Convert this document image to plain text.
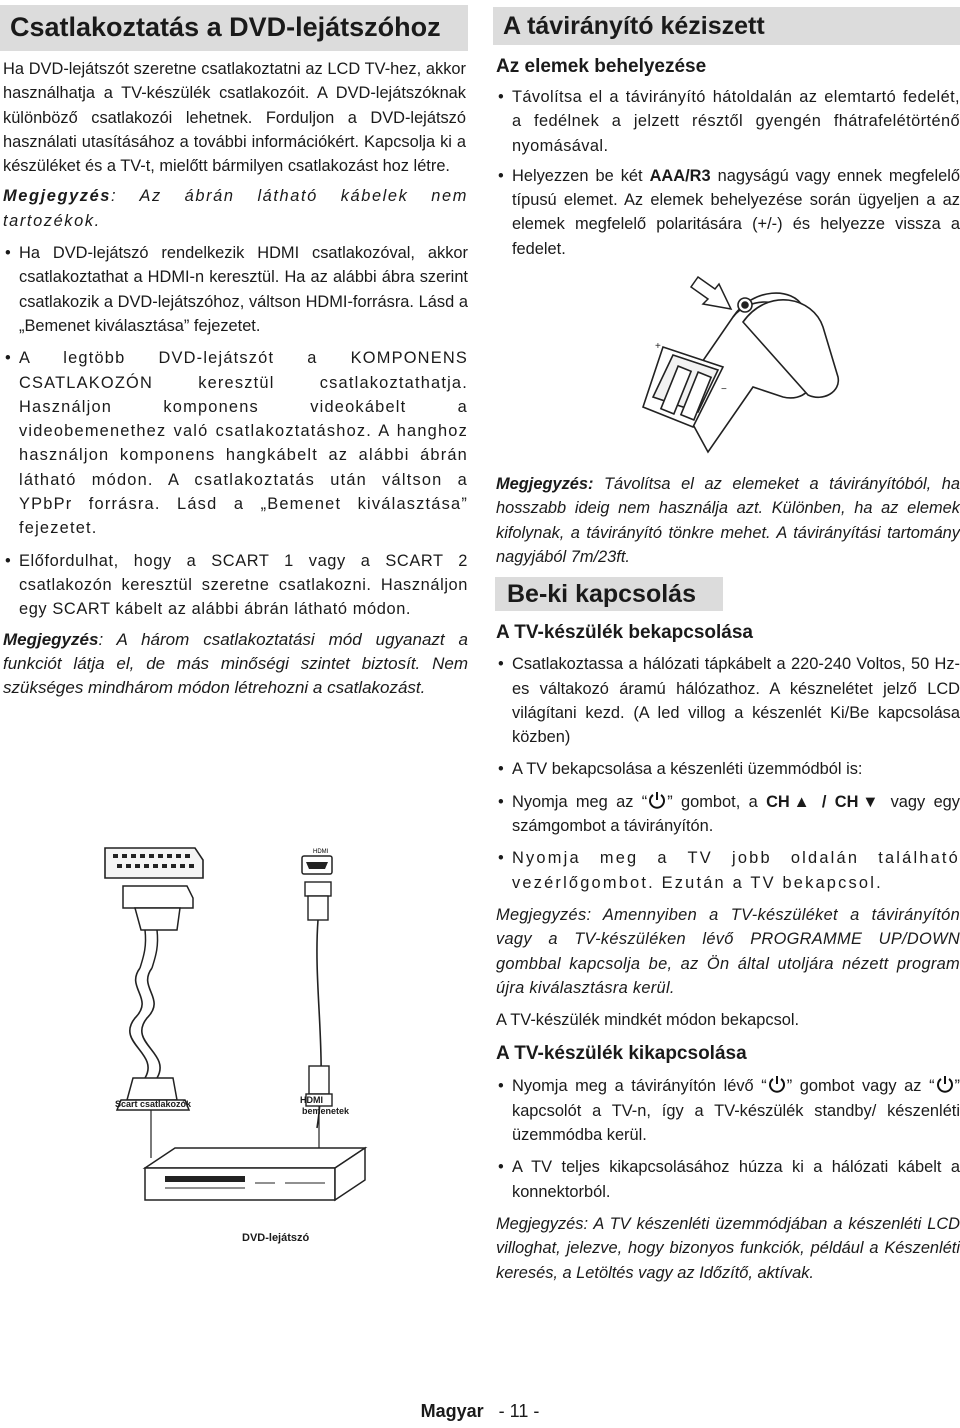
Csatlakoztatás a DVD-lejátszóhoz

Ha DVD-lejátszót szeretne csatlakoztatni az LCD TV-hez, akkor használhatja a TV-készülék csatlakozóit. A DVD-lejátszóknak különböző csatlakozói lehetnek. Forduljon a DVD-lejátszó használati utasításához a további információkért. Kapcsolja ki a készüléket és a TV-t, mielőtt bármilyen csatlakozást hoz létre.

Megjegyzés: Az ábrán látható kábelek nem tartozékok.

• Ha DVD-lejátszó rendelkezik HDMI csatlakozóval, akkor csatlakoztathat a HDMI-n keresztül. Ha az alábbi ábra szerint csatlakozik a DVD-lejátszóhoz, váltson HDMI-forrásra. Lásd a „Bemenet kiválasztása” fejezetet.
• A legtöbb DVD-lejátszót a KOMPONENS CSATLAKOZÓN keresztül csatlakoztathatja. Használjon komponens videokábelt a videobemenethez való csatlakoztatáshoz. A hanghoz használjon komponens hangkábelt az alábbi ábrán látható módon. A csatlakoztatás után váltson a YPbPr forrásra. Lásd a „Bemenet kiválasztása” fejezetet.
• Előfordulhat, hogy a SCART 1 vagy a SCART 2 csatlakozón keresztül szeretne csatlakozni. Használjon egy SCART kábelt az alábbi ábrán látható módon.

Megjegyzés: A három csatlakoztatási mód ugyanazt a funkciót látja el, de más minőségi szintet biztosít. Nem szükséges mindhárom módon létrehozni a csatlakozást.

HDMI
Scart csatlakozók	HDMI
bemenetek
DVD-lejátszó
A távirányító kéziszett
Az elemek behelyezése
• Távolítsa el a távirányító hátoldalán az elemtartó fedelét, a fedélnek a jelzett résztől gyengén fhátrafelétörténő nyomásával.
• Helyezzen be két AAA/R3 nagyságú vagy ennek megfelelő típusú elemet. Az elemek behelyezése során ügyeljen a az elemek megfelelő polaritására (+/-) és helyezze vissza a fedelet.
+
−

Megjegyzés: Távolítsa el az elemeket a távirányítóból, ha hosszabb ideig nem használja azt. Különben, ha az elemek kifolynak, a távirányító tönkre mehet. A távirányítási tartomány nagyjából 7m/23ft.

Be-ki kapcsolás
A TV-készülék bekapcsolása
• Csatlakoztassa a hálózati tápkábelt a 220-240 Voltos, 50 Hz-es váltakozó áramú hálózathoz. A késznelétet jelző LCD világítani kezd. (A led villog a készenlét Ki/Be kapcsolása közben)
• A TV bekapcsolása a készenléti üzemmódból is:
• Nyomja meg az “ ” gombot, a CH▲ / CH▼ vagy egy számgombot a távirányítón.
• Nyomja meg a TV jobb oldalán található vezérlőgombot. Ezután a TV bekapcsol.

Megjegyzés: Amennyiben a TV-készüléket a távirányítón vagy a TV-készüléken lévő PROGRAMME UP/DOWN gombbal kapcsolja be, az Ön által utoljára nézett program újra kiválasztásra kerül.

A TV-készülék mindkét módon bekapcsol.

A TV-készülék kikapcsolása
• Nyomja meg a távirányítón lévő “ ” gombot vagy az “ ” kapcsolót a TV-n, így a TV-készülék standby/ készenléti üzemmódba kerül.
• A TV teljes kikapcsolásához húzza ki a hálózati kábelt a konnektorból.

Megjegyzés: A TV készenléti üzemmódjában a készenléti LCD villoghat, jelezve, hogy bizonyos funkciók, például a Készenléti keresés, a Letöltés vagy az Időzítő, aktívak.

Magyar - 11 -
